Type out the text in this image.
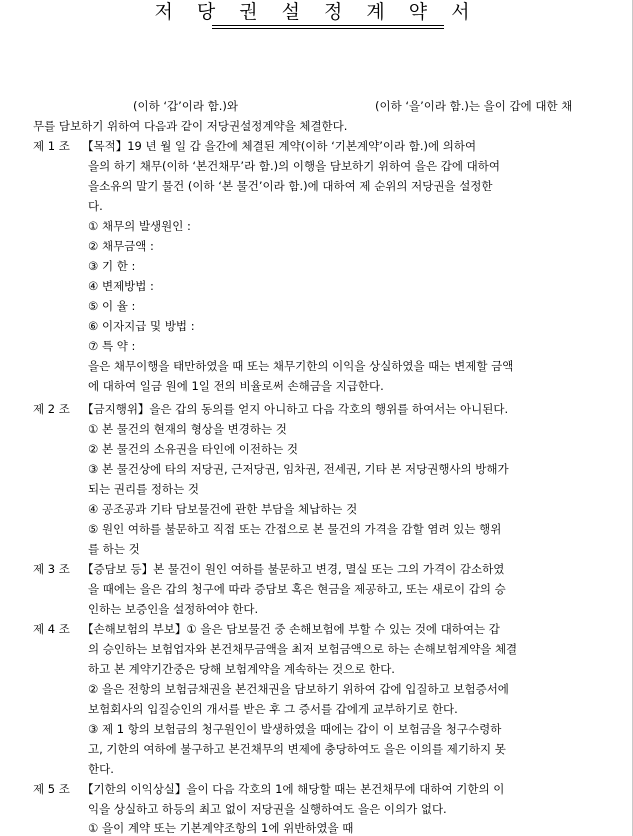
저 당 권 설 정 계 약 서
(이하 ‘갑’이라 함.)와	(이하 ‘을’이라 함.)는 을이 갑에 대한 채
무를 담보하기 위하여 다음과 같이 저당권설정계약을 체결한다.
제 1 조 【목적】19 년 월 일 갑 을간에 체결된 계약(이하 ‘기본계약’이라 함.)에 의하여
을의 하기 채무(이하 ‘본건채무’라 함.)의 이행을 담보하기 위하여 을은 갑에 대하여
을소유의 말기 물건 (이하 ‘본 물건’이라 함.)에 대하여 제 순위의 저당권을 설정한
다.
① 채무의 발생원인 :
② 채무금액 :
③ 기 한 :
④ 변제방법 :
⑤ 이 율 :
⑥ 이자지급 및 방법 :
⑦ 특 약 :
을은 채무이행을 태만하였을 때 또는 채무기한의 이익을 상실하였을 때는 변제할 금액
에 대하여 일금 원에 1일 전의 비율로써 손해금을 지급한다.
제 2 조 【금지행위】을은 갑의 동의를 얻지 아니하고 다음 각호의 행위를 하여서는 아니된다.
① 본 물건의 현재의 형상을 변경하는 것
② 본 물건의 소유권을 타인에 이전하는 것
③ 본 물건상에 타의 저당권, 근저당권, 임차권, 전세권, 기타 본 저당권행사의 방해가
되는 권리를 정하는 것
④ 공조공과 기타 담보물건에 관한 부담을 체납하는 것
⑤ 원인 여하를 불문하고 직접 또는 간접으로 본 물건의 가격을 감할 염려 있는 행위
를 하는 것
제 3 조 【증담보 등】본 물건이 원인 여하를 불문하고 변경, 멸실 또는 그의 가격이 감소하였
을 때에는 을은 갑의 청구에 따라 증담보 혹은 현금을 제공하고, 또는 새로이 갑의 승
인하는 보증인을 설정하여야 한다.
제 4 조 【손해보험의 부보】① 을은 담보물건 중 손해보험에 부할 수 있는 것에 대하여는 갑
의 승인하는 보험업자와 본건채무금액을 최저 보험금액으로 하는 손해보험계약을 체결
하고 본 계약기간중은 당해 보험계약을 계속하는 것으로 한다.
② 을은 전항의 보험금채권을 본건채권을 담보하기 위하여 갑에 입질하고 보험증서에
보험회사의 입질승인의 개서를 받은 후 그 증서를 갑에게 교부하기로 한다.
③ 제 1 항의 보험금의 청구원인이 발생하였을 때에는 갑이 이 보험금을 청구수령하
고, 기한의 여하에 불구하고 본건채무의 변제에 충당하여도 을은 이의를 제기하지 못
한다.
제 5 조 【기한의 이익상실】을이 다음 각호의 1에 해당할 때는 본건채무에 대하여 기한의 이
익을 상실하고 하등의 최고 없이 저당권을 실행하여도 을은 이의가 없다.
① 을이 계약 또는 기본계약조항의 1에 위반하였을 때
